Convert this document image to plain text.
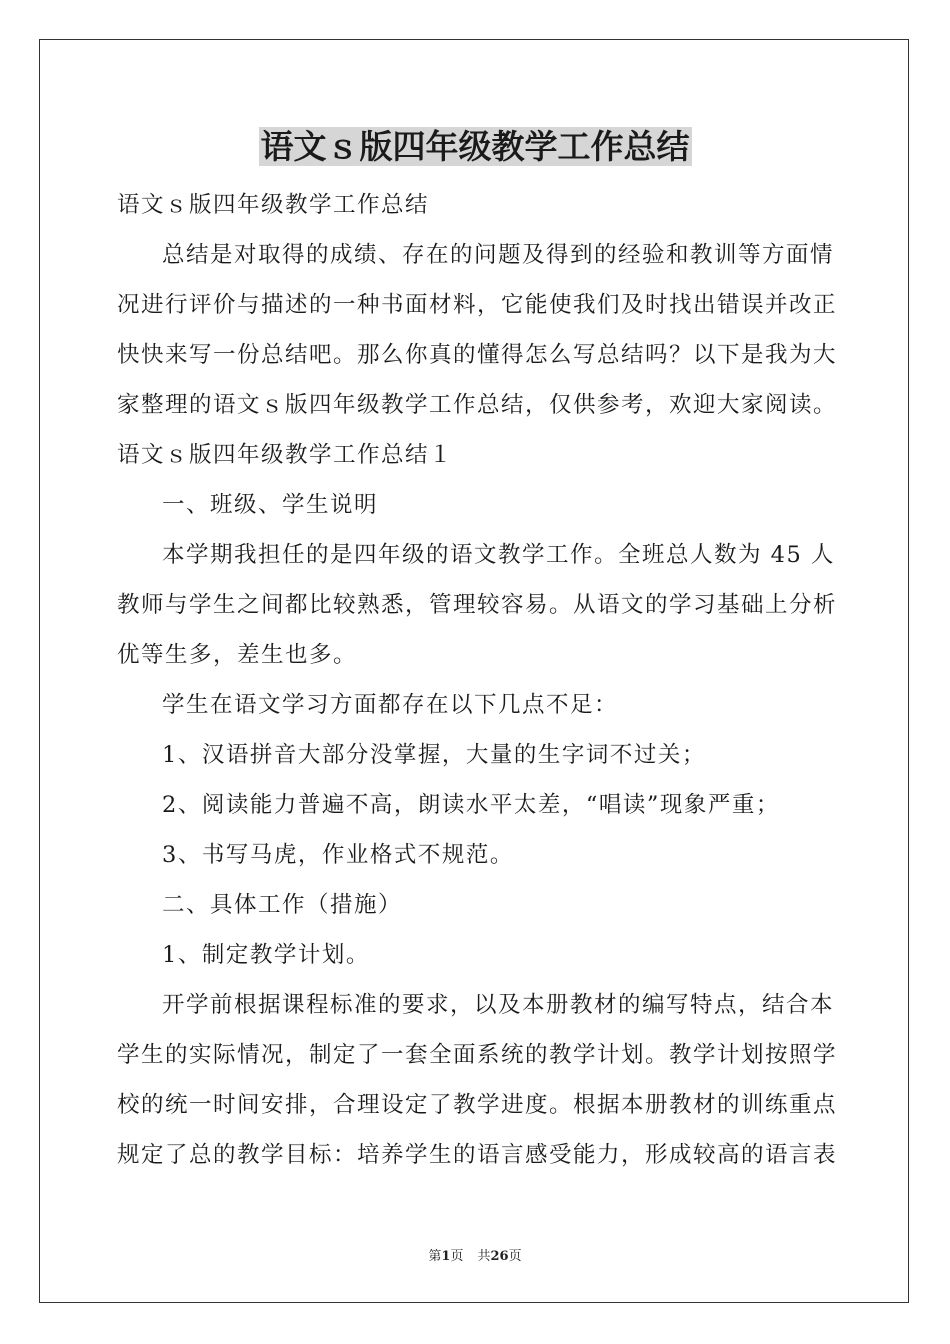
语文ｓ版四年级教学工作总结
语文ｓ版四年级教学工作总结
总结是对取得的成绩、存在的问题及得到的经验和教训等方面情
况进行评价与描述的一种书面材料，它能使我们及时找出错误并改正
快快来写一份总结吧。那么你真的懂得怎么写总结吗？以下是我为大
家整理的语文ｓ版四年级教学工作总结，仅供参考，欢迎大家阅读。
语文ｓ版四年级教学工作总结１
一、班级、学生说明
本学期我担任的是四年级的语文教学工作。全班总人数为 45 人
教师与学生之间都比较熟悉，管理较容易。从语文的学习基础上分析
优等生多，差生也多。
学生在语文学习方面都存在以下几点不足：
1、汉语拼音大部分没掌握，大量的生字词不过关；
2、阅读能力普遍不高，朗读水平太差，“唱读”现象严重；
3、书写马虎，作业格式不规范。
二、具体工作（措施）
1、制定教学计划。
开学前根据课程标准的要求，以及本册教材的编写特点，结合本
学生的实际情况，制定了一套全面系统的教学计划。教学计划按照学
校的统一时间安排，合理设定了教学进度。根据本册教材的训练重点
规定了总的教学目标：培养学生的语言感受能力，形成较高的语言表
第1页 共26页
